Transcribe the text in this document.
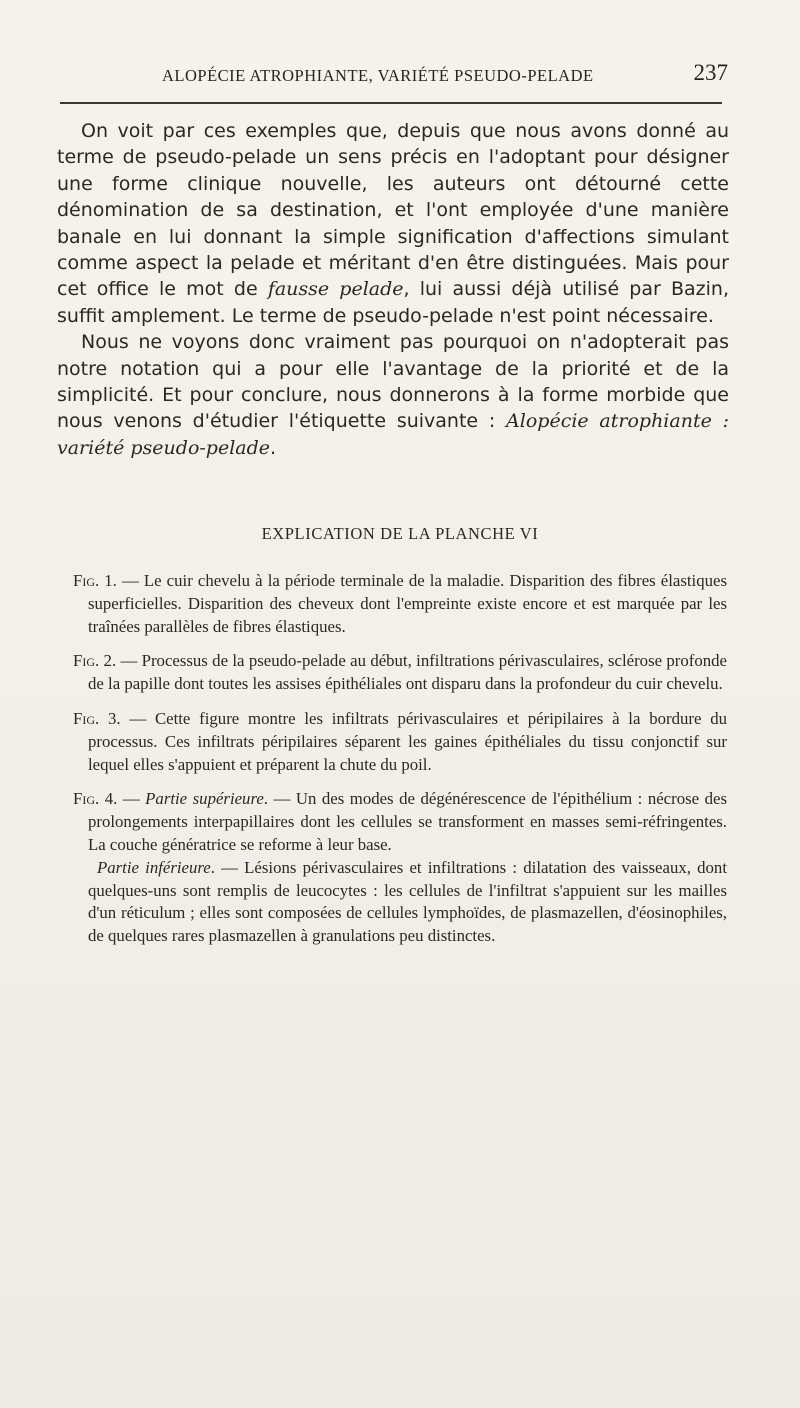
ALOPÉCIE ATROPHIANTE, VARIÉTÉ PSEUDO-PELADE	237

On voit par ces exemples que, depuis que nous avons donné au terme de pseudo-pelade un sens précis en l'adoptant pour désigner une forme clinique nouvelle, les auteurs ont détourné cette dénomination de sa destination, et l'ont employée d'une manière banale en lui donnant la simple signification d'affections simulant comme aspect la pelade et méritant d'en être distinguées. Mais pour cet office le mot de fausse pelade, lui aussi déjà utilisé par Bazin, suffit amplement. Le terme de pseudo-pelade n'est point nécessaire.

Nous ne voyons donc vraiment pas pourquoi on n'adopterait pas notre notation qui a pour elle l'avantage de la priorité et de la simplicité. Et pour conclure, nous donnerons à la forme morbide que nous venons d'étudier l'étiquette suivante : Alopécie atrophiante : variété pseudo-pelade.

EXPLICATION DE LA PLANCHE VI
Fig. 1. — Le cuir chevelu à la période terminale de la maladie. Disparition des fibres élastiques superficielles. Disparition des cheveux dont l'empreinte existe encore et est marquée par les traînées parallèles de fibres élastiques.
Fig. 2. — Processus de la pseudo-pelade au début, infiltrations périvasculaires, sclérose profonde de la papille dont toutes les assises épithéliales ont disparu dans la profondeur du cuir chevelu.
Fig. 3. — Cette figure montre les infiltrats périvasculaires et péripilaires à la bordure du processus. Ces infiltrats péripilaires séparent les gaines épithéliales du tissu conjonctif sur lequel elles s'appuient et préparent la chute du poil.
Fig. 4. — Partie supérieure. — Un des modes de dégénérescence de l'épithélium : nécrose des prolongements interpapillaires dont les cellules se transforment en masses semi-réfringentes. La couche génératrice se reforme à leur base.
Partie inférieure. — Lésions périvasculaires et infiltrations : dilatation des vaisseaux, dont quelques-uns sont remplis de leucocytes : les cellules de l'infiltrat s'appuient sur les mailles d'un réticulum ; elles sont composées de cellules lymphoïdes, de plasmazellen, d'éosinophiles, de quelques rares plasmazellen à granulations peu distinctes.
